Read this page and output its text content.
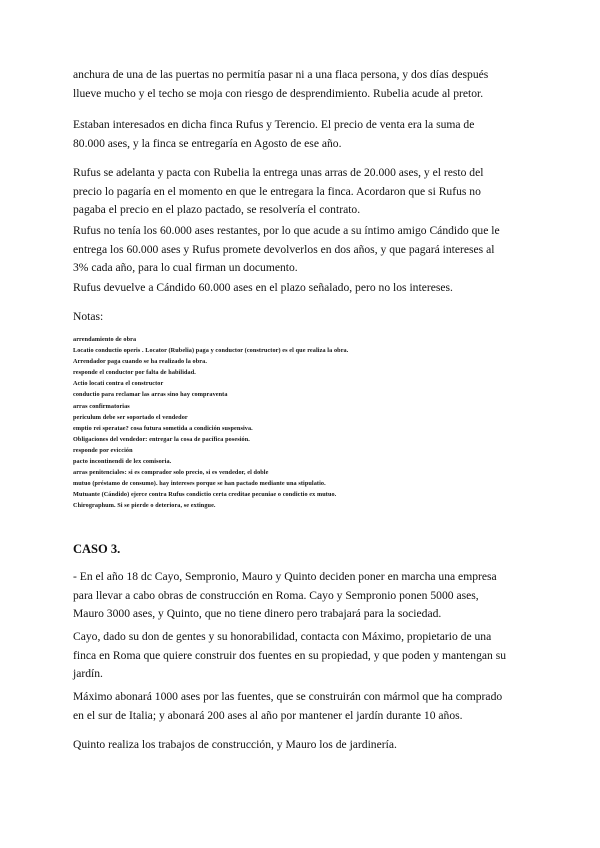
anchura de una de las puertas no permitía pasar ni a una flaca persona, y dos días después
llueve mucho y el techo se moja con riesgo de desprendimiento. Rubelia acude al pretor.

Estaban interesados en dicha finca Rufus y Terencio. El precio de venta era la suma de
80.000 ases, y la finca se entregaría en Agosto de ese año.

Rufus se adelanta y pacta con Rubelia la entrega unas arras de 20.000 ases, y el resto del
precio lo pagaría en el momento en que le entregara la finca. Acordaron que si Rufus no
pagaba el precio en el plazo pactado, se resolvería el contrato.

Rufus no tenía los 60.000 ases restantes, por lo que acude a su íntimo amigo Cándido que le
entrega los 60.000 ases y Rufus promete devolverlos en dos años, y que pagará intereses al
3% cada año, para lo cual firman un documento.

Rufus devuelve a Cándido 60.000 ases en el plazo señalado, pero no los intereses.

Notas:

arrendamiento de obra
Locatio conductio operis . Locator (Rubelia) paga y conductor (constructor) es el que realiza la obra.
Arrendador paga cuando se ha realizado la obra.
responde el conductor por falta de habilidad.
Actio locati contra el constructor
conductio para reclamar las arras sino hay compraventa
arras confirmatorias
periculum debe ser soportado el vendedor
emptio rei speratae? cosa futura sometida a condición suspensiva.
Obligaciones del vendedor: entregar la cosa de pacífica posesión.
responde por evicción
pacto incontinendi de lex comisoria.
arras penitenciales: si es comprador solo precio, si es vendedor, el doble
mutuo (préstamo de consumo). hay intereses porque se han pactado mediante una stipulatio.
Mutuante (Cándido) ejerce contra Rufus condictio certa creditae pecuniae o condictio ex mutuo.
Chirographum. Si se pierde o deteriora, se extingue.
CASO 3.

- En el año 18 dc Cayo, Sempronio, Mauro y Quinto deciden poner en marcha una empresa
para llevar a cabo obras de construcción en Roma. Cayo y Sempronio ponen 5000 ases,
Mauro 3000 ases, y Quinto, que no tiene dinero pero trabajará para la sociedad.

Cayo, dado su don de gentes y su honorabilidad, contacta con Máximo, propietario de una
finca en Roma que quiere construir dos fuentes en su propiedad, y que poden y mantengan su
jardín.

Máximo abonará 1000 ases por las fuentes, que se construirán con mármol que ha comprado
en el sur de Italia; y abonará 200 ases al año por mantener el jardín durante 10 años.

Quinto realiza los trabajos de construcción, y Mauro los de jardinería.
